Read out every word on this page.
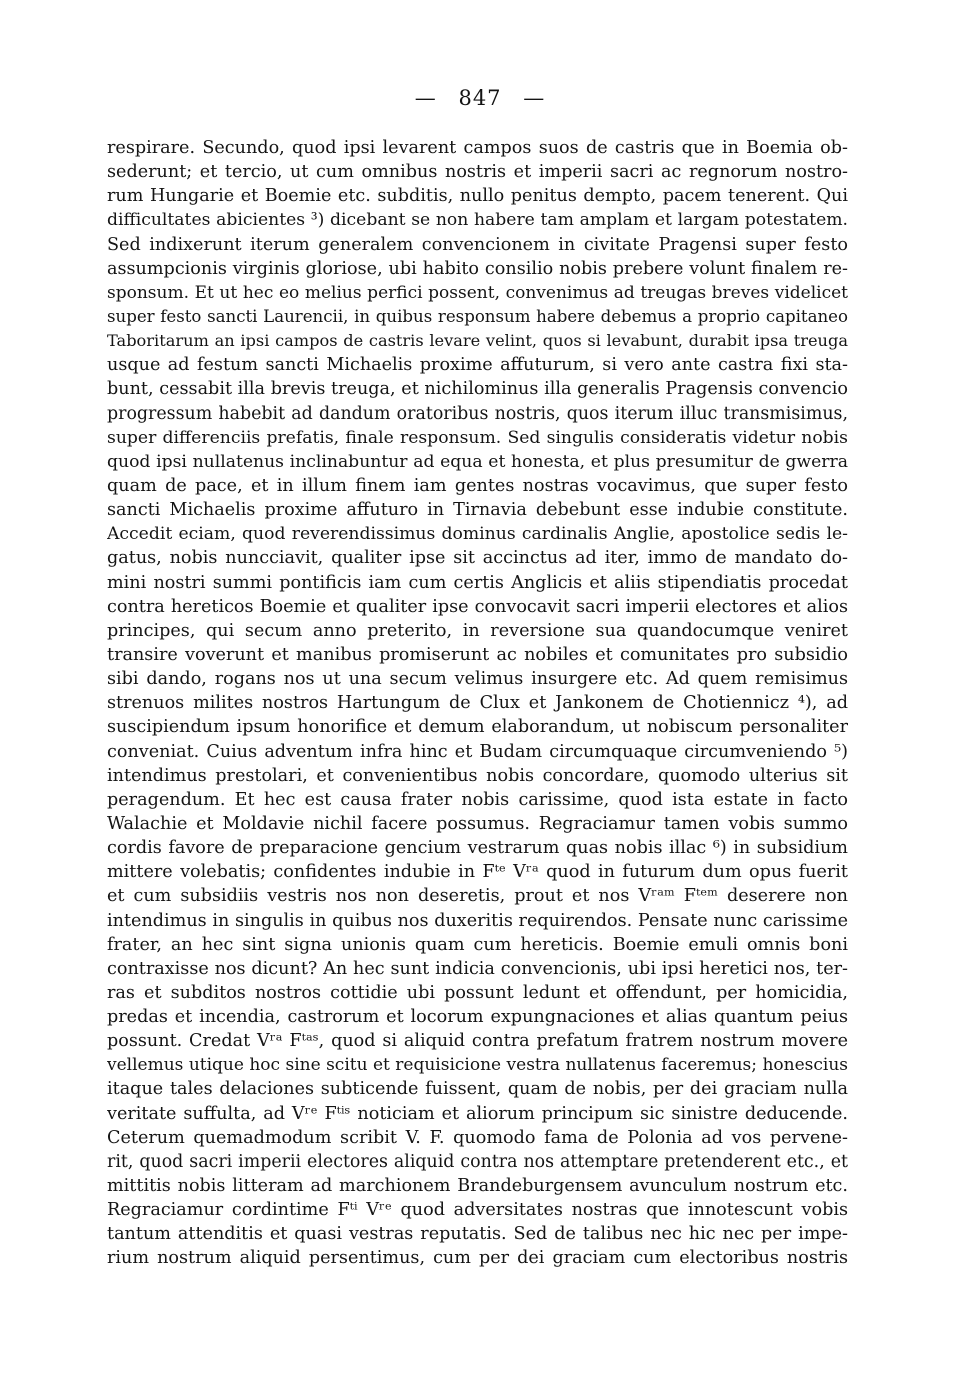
— 847 —
respirare. Secundo, quod ipsi levarent campos suos de castris que in Boemia ob-
sederunt; et tercio, ut cum omnibus nostris et imperii sacri ac regnorum nostro-
rum Hungarie et Boemie etc. subditis, nullo penitus dempto, pacem tenerent. Qui
difficultates abicientes ³) dicebant se non habere tam amplam et largam potestatem.
Sed indixerunt iterum generalem convencionem in civitate Pragensi super festo
assumpcionis virginis gloriose, ubi habito consilio nobis prebere volunt finalem re-
sponsum. Et ut hec eo melius perfici possent, convenimus ad treugas breves videlicet
super festo sancti Laurencii, in quibus responsum habere debemus a proprio capitaneo
Taboritarum an ipsi campos de castris levare velint, quos si levabunt, durabit ipsa treuga
usque ad festum sancti Michaelis proxime affuturum, si vero ante castra fixi sta-
bunt, cessabit illa brevis treuga, et nichilominus illa generalis Pragensis convencio
progressum habebit ad dandum oratoribus nostris, quos iterum illuc transmisimus,
super differenciis prefatis, finale responsum. Sed singulis consideratis videtur nobis
quod ipsi nullatenus inclinabuntur ad equa et honesta, et plus presumitur de gwerra
quam de pace, et in illum finem iam gentes nostras vocavimus, que super festo
sancti Michaelis proxime affuturo in Tirnavia debebunt esse indubie constitute.
Accedit eciam, quod reverendissimus dominus cardinalis Anglie, apostolice sedis le-
gatus, nobis nuncciavit, qualiter ipse sit accinctus ad iter, immo de mandato do-
mini nostri summi pontificis iam cum certis Anglicis et aliis stipendiatis procedat
contra hereticos Boemie et qualiter ipse convocavit sacri imperii electores et alios
principes, qui secum anno preterito, in reversione sua quandocumque veniret
transire voverunt et manibus promiserunt ac nobiles et comunitates pro subsidio
sibi dando, rogans nos ut una secum velimus insurgere etc. Ad quem remisimus
strenuos milites nostros Hartungum de Clux et Jankonem de Chotiennicz ⁴), ad
suscipiendum ipsum honorifice et demum elaborandum, ut nobiscum personaliter
conveniat. Cuius adventum infra hinc et Budam circumquaque circumveniendo ⁵)
intendimus prestolari, et convenientibus nobis concordare, quomodo ulterius sit
peragendum. Et hec est causa frater nobis carissime, quod ista estate in facto
Walachie et Moldavie nichil facere possumus. Regraciamur tamen vobis summo
cordis favore de preparacione gencium vestrarum quas nobis illac ⁶) in subsidium
mittere volebatis; confidentes indubie in Fᵗᵉ Vʳᵃ quod in futurum dum opus fuerit
et cum subsidiis vestris nos non deseretis, prout et nos Vʳᵃᵐ Fᵗᵉᵐ deserere non
intendimus in singulis in quibus nos duxeritis requirendos. Pensate nunc carissime
frater, an hec sint signa unionis quam cum hereticis. Boemie emuli omnis boni
contraxisse nos dicunt? An hec sunt indicia convencionis, ubi ipsi heretici nos, ter-
ras et subditos nostros cottidie ubi possunt ledunt et offendunt, per homicidia,
predas et incendia, castrorum et locorum expungnaciones et alias quantum peius
possunt. Credat Vʳᵃ Fᵗᵃˢ, quod si aliquid contra prefatum fratrem nostrum movere
vellemus utique hoc sine scitu et requisicione vestra nullatenus faceremus; honescius
itaque tales delaciones subticende fuissent, quam de nobis, per dei graciam nulla
veritate suffulta, ad Vʳᵉ Fᵗⁱˢ noticiam et aliorum principum sic sinistre deducende.
Ceterum quemadmodum scribit V. F. quomodo fama de Polonia ad vos pervene-
rit, quod sacri imperii electores aliquid contra nos attemptare pretenderent etc., et
mittitis nobis litteram ad marchionem Brandeburgensem avunculum nostrum etc.
Regraciamur cordintime Fᵗⁱ Vʳᵉ quod adversitates nostras que innotescunt vobis
tantum attenditis et quasi vestras reputatis. Sed de talibus nec hic nec per impe-
rium nostrum aliquid persentimus, cum per dei graciam cum electoribus nostris
